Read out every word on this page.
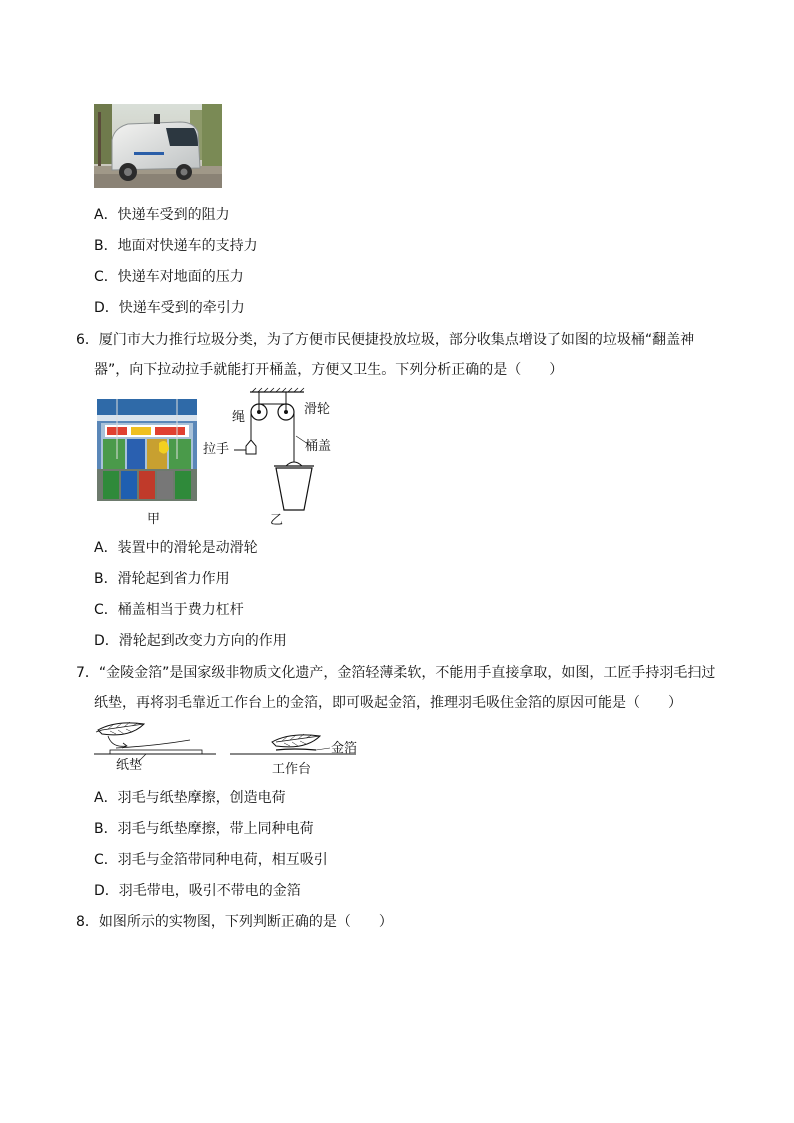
A．快递车受到的阻力
B．地面对快递车的支持力
C．快递车对地面的压力
D．快递车受到的牵引力
6．厦门市大力推行垃圾分类，为了方便市民便捷投放垃圾，部分收集点增设了如图的垃圾桶“翻盖神
器”，向下拉动拉手就能打开桶盖，方便又卫生。下列分析正确的是（　　）
甲
绳
滑轮
拉手	桶盖
乙
A．装置中的滑轮是动滑轮
B．滑轮起到省力作用
C．桶盖相当于费力杠杆
D．滑轮起到改变力方向的作用
7．“金陵金箔”是国家级非物质文化遗产，金箔轻薄柔软，不能用手直接拿取，如图，工匠手持羽毛扫过
纸垫，再将羽毛靠近工作台上的金箔，即可吸起金箔，推理羽毛吸住金箔的原因可能是（　　）
纸垫	工作台
金箔
A．羽毛与纸垫摩擦，创造电荷
B．羽毛与纸垫摩擦，带上同种电荷
C．羽毛与金箔带同种电荷，相互吸引
D．羽毛带电，吸引不带电的金箔
8．如图所示的实物图，下列判断正确的是（　　）
